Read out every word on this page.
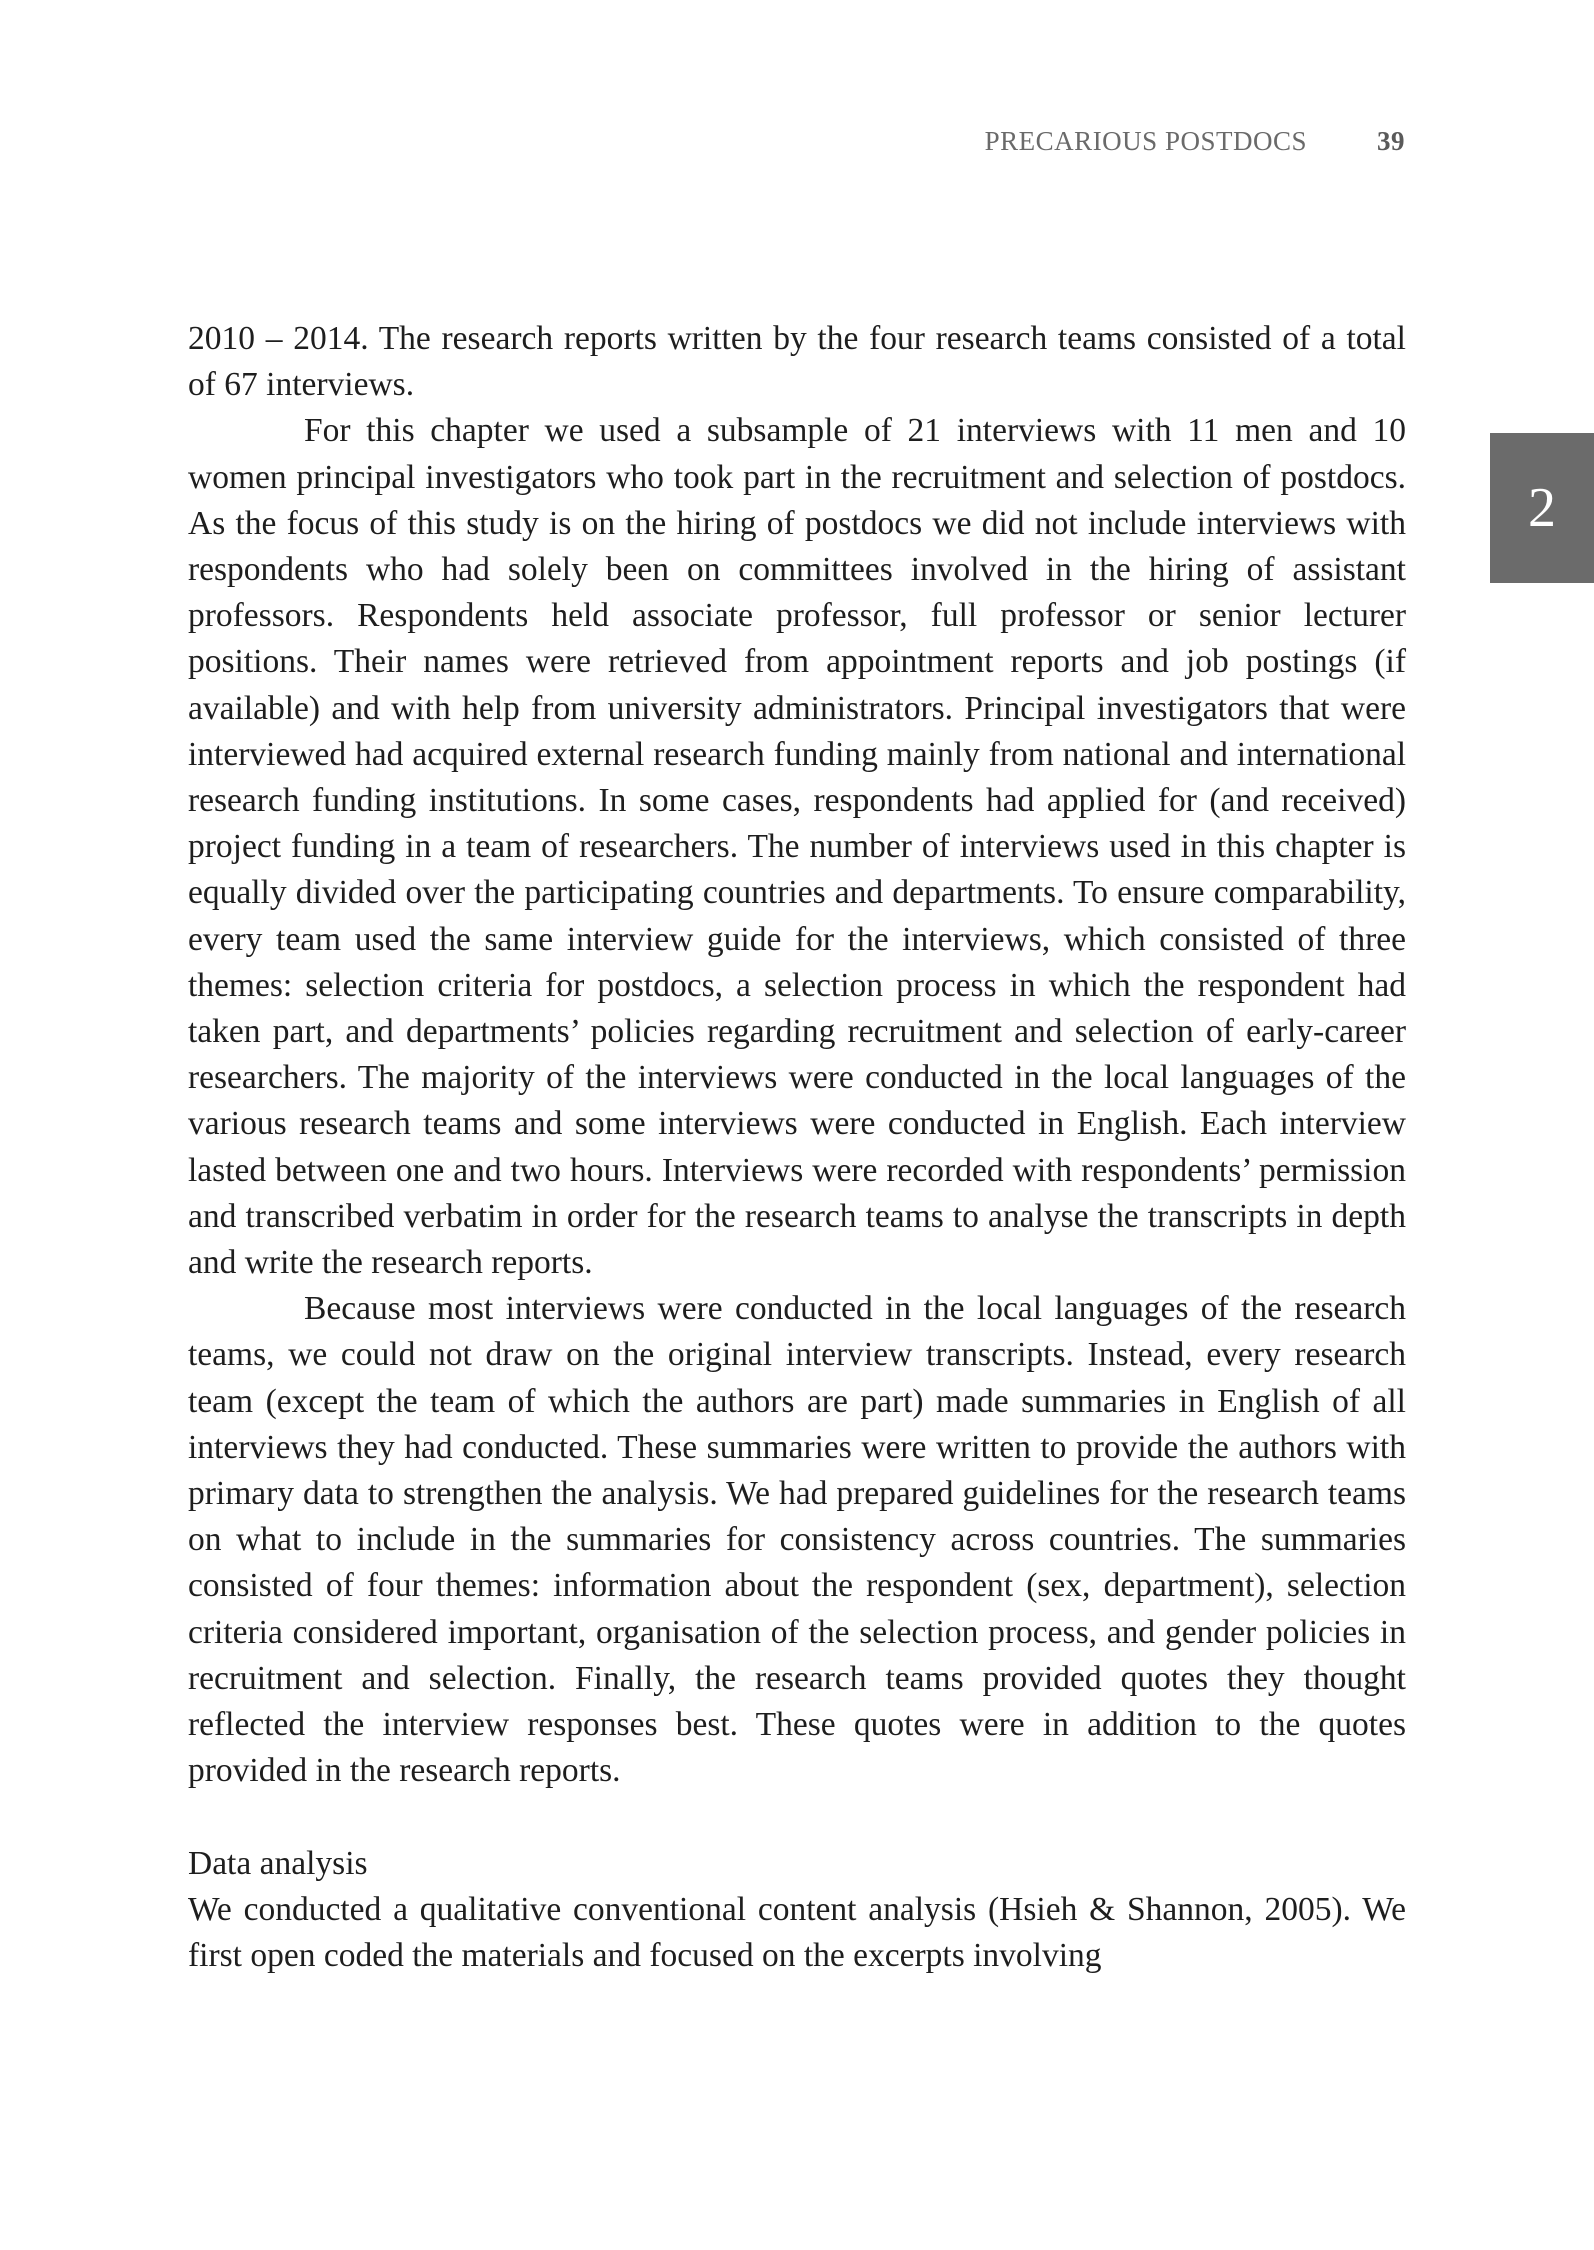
PRECARIOUS POSTDOCS	39
2

2010 – 2014. The research reports written by the four research teams consisted of a total of 67 interviews.

For this chapter we used a subsample of 21 interviews with 11 men and 10 women principal investigators who took part in the recruitment and selection of postdocs. As the focus of this study is on the hiring of postdocs we did not include interviews with respondents who had solely been on committees involved in the hiring of assistant professors. Respondents held associate professor, full professor or senior lecturer positions. Their names were retrieved from appointment reports and job postings (if available) and with help from university administrators. Principal investigators that were interviewed had acquired external research funding mainly from national and international research funding institutions. In some cases, respondents had applied for (and received) project funding in a team of researchers. The number of interviews used in this chapter is equally divided over the participating countries and departments. To ensure comparability, every team used the same interview guide for the interviews, which consisted of three themes: selection criteria for postdocs, a selection process in which the respondent had taken part, and departments’ policies regarding recruitment and selection of early-career researchers. The majority of the interviews were conducted in the local languages of the various research teams and some interviews were conducted in English. Each interview lasted between one and two hours. Interviews were recorded with respondents’ permission and transcribed verbatim in order for the research teams to analyse the transcripts in depth and write the research reports.

Because most interviews were conducted in the local languages of the research teams, we could not draw on the original interview transcripts. Instead, every research team (except the team of which the authors are part) made summaries in English of all interviews they had conducted. These summaries were written to provide the authors with primary data to strengthen the analysis. We had prepared guidelines for the research teams on what to include in the summaries for consistency across countries. The summaries consisted of four themes: information about the respondent (sex, department), selection criteria considered important, organisation of the selection process, and gender policies in recruitment and selection. Finally, the research teams provided quotes they thought reflected the interview responses best. These quotes were in addition to the quotes provided in the research reports.

Data analysis

We conducted a qualitative conventional content analysis (Hsieh & Shannon, 2005). We first open coded the materials and focused on the excerpts involving
